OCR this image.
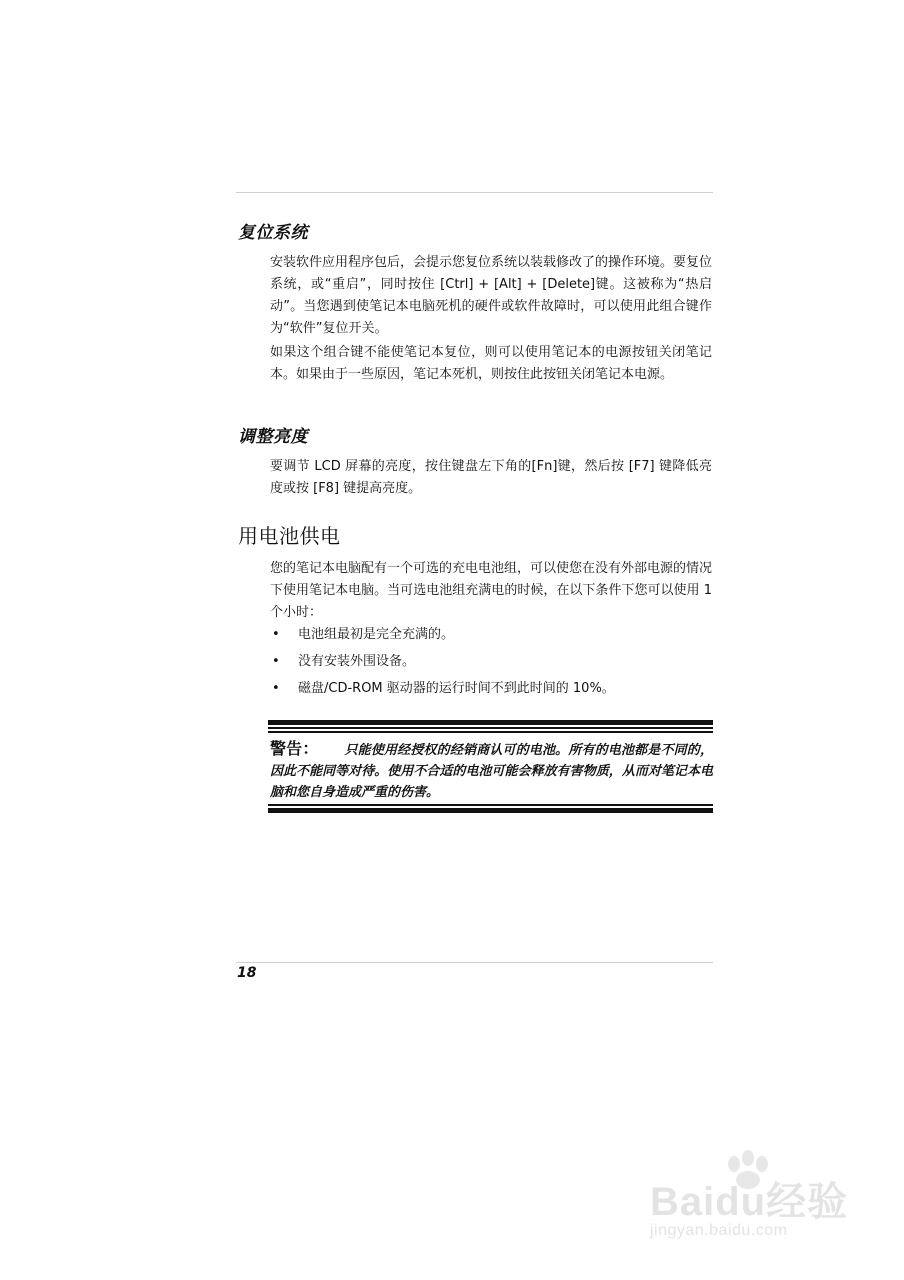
复位系统

安装软件应用程序包后，会提示您复位系统以装载修改了的操作环境。要复位系统，或“重启”，同时按住 [Ctrl] + [Alt] + [Delete]键。这被称为“热启动”。当您遇到使笔记本电脑死机的硬件或软件故障时，可以使用此组合键作为“软件”复位开关。

如果这个组合键不能使笔记本复位，则可以使用笔记本的电源按钮关闭笔记本。如果由于一些原因，笔记本死机，则按住此按钮关闭笔记本电源。

调整亮度

要调节 LCD 屏幕的亮度，按住键盘左下角的[Fn]键，然后按 [F7] 键降低亮度或按 [F8] 键提高亮度。

用电池供电

您的笔记本电脑配有一个可选的充电电池组，可以使您在没有外部电源的情况下使用笔记本电脑。当可选电池组充满电的时候，在以下条件下您可以使用 1 个小时：

• 电池组最初是完全充满的。
• 没有安装外围设备。
• 磁盘/CD-ROM 驱动器的运行时间不到此时间的 10%。

警告： 只能使用经授权的经销商认可的电池。所有的电池都是不同的，因此不能同等对待。使用不合适的电池可能会释放有害物质，从而对笔记本电脑和您自身造成严重的伤害。

18
Baidu经验
jingyan.baidu.com
